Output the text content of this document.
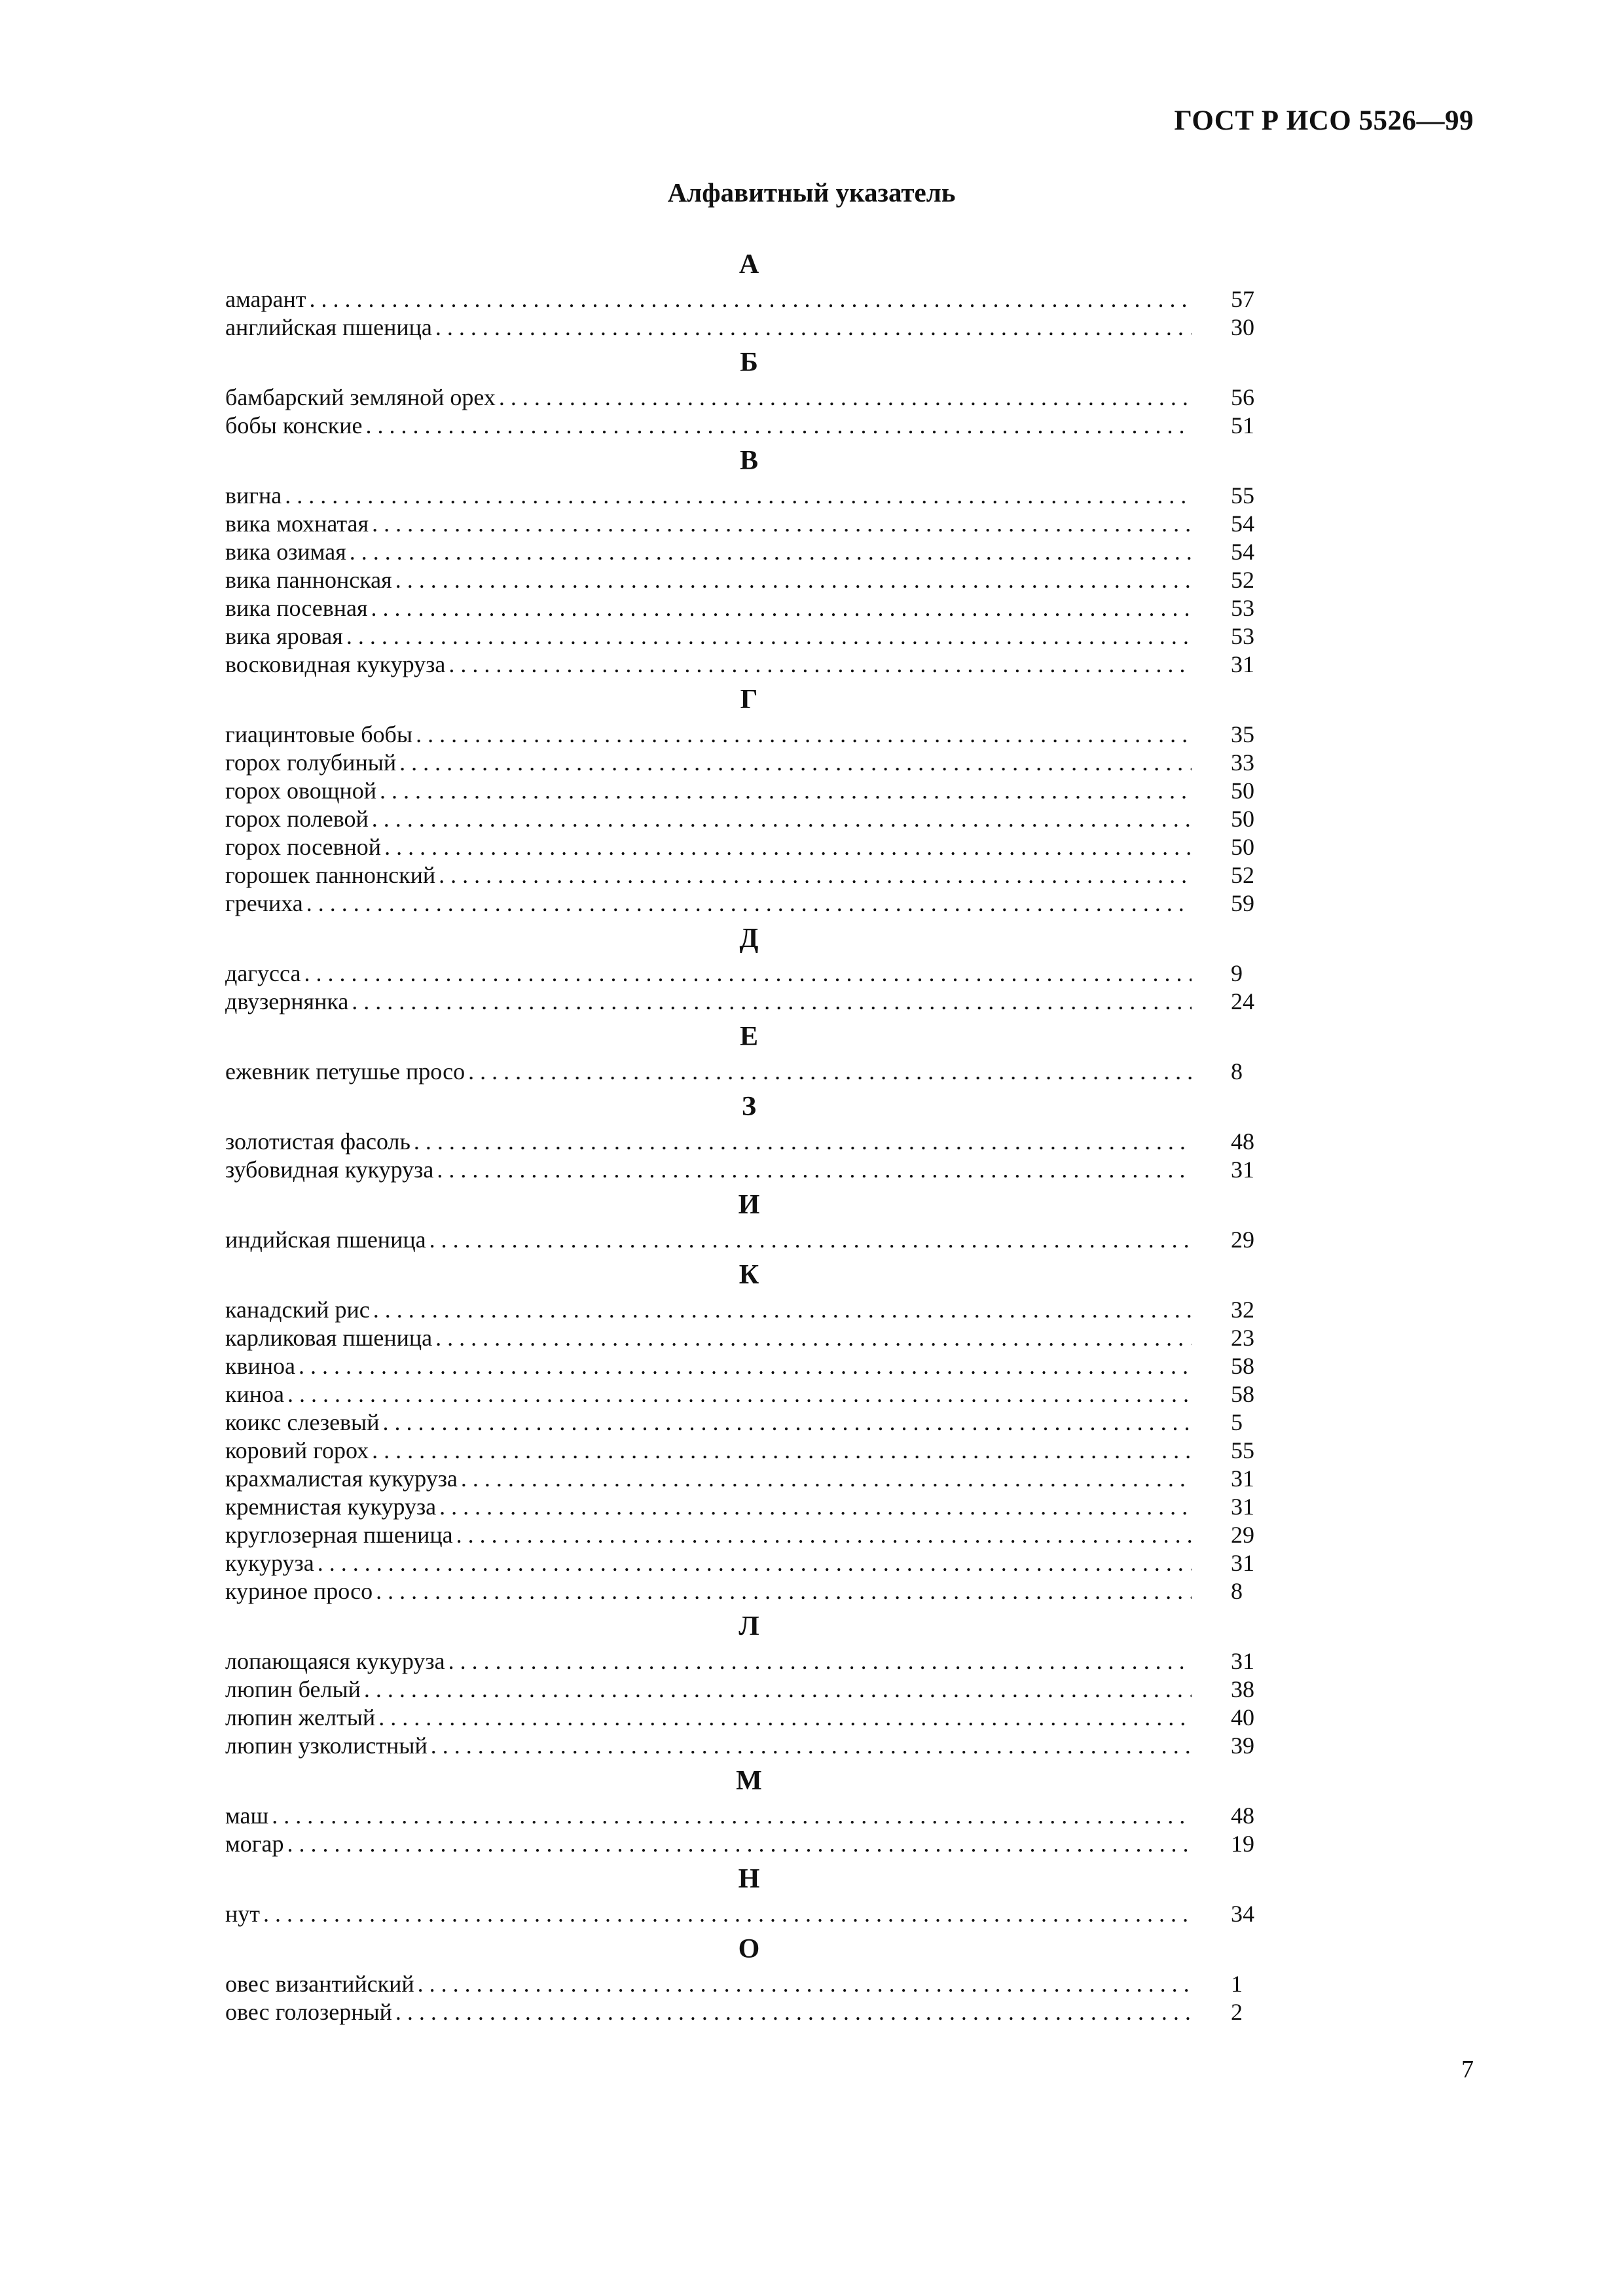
ГОСТ Р ИСО 5526—99
Алфавитный указатель
А
амарант . . .	57
английская пшеница . . .	30
Б
бамбарский земляной орех . . .	56
бобы конские . . .	51
В
вигна . . .	55
вика мохнатая . . .	54
вика озимая . . .	54
вика паннонская . . .	52
вика посевная . . .	53
вика яровая . . .	53
восковидная кукуруза . . .	31
Г
гиацинтовые бобы . . .	35
горох голубиный . . .	33
горох овощной . . .	50
горох полевой . . .	50
горох посевной . . .	50
горошек паннонский . . .	52
гречиха . . .	59
Д
дагусса . . .	9
двузернянка . . .	24
Е
ежевник петушье просо . . .	8
З
золотистая фасоль . . .	48
зубовидная кукуруза . . .	31
И
индийская пшеница . . .	29
К
канадский рис . . .	32
карликовая пшеница . . .	23
квиноа . . .	58
киноа . . .	58
коикс слезевый . . .	5
коровий горох . . .	55
крахмалистая кукуруза . . .	31
кремнистая кукуруза . . .	31
круглозерная пшеница . . .	29
кукуруза . . .	31
куриное просо . . .	8
Л
лопающаяся кукуруза . . .	31
люпин белый . . .	38
люпин желтый . . .	40
люпин узколистный . . .	39
М
маш . . .	48
могар . . .	19
Н
нут . . .	34
О
овес византийский . . .	1
овес голозерный . . .	2
7
